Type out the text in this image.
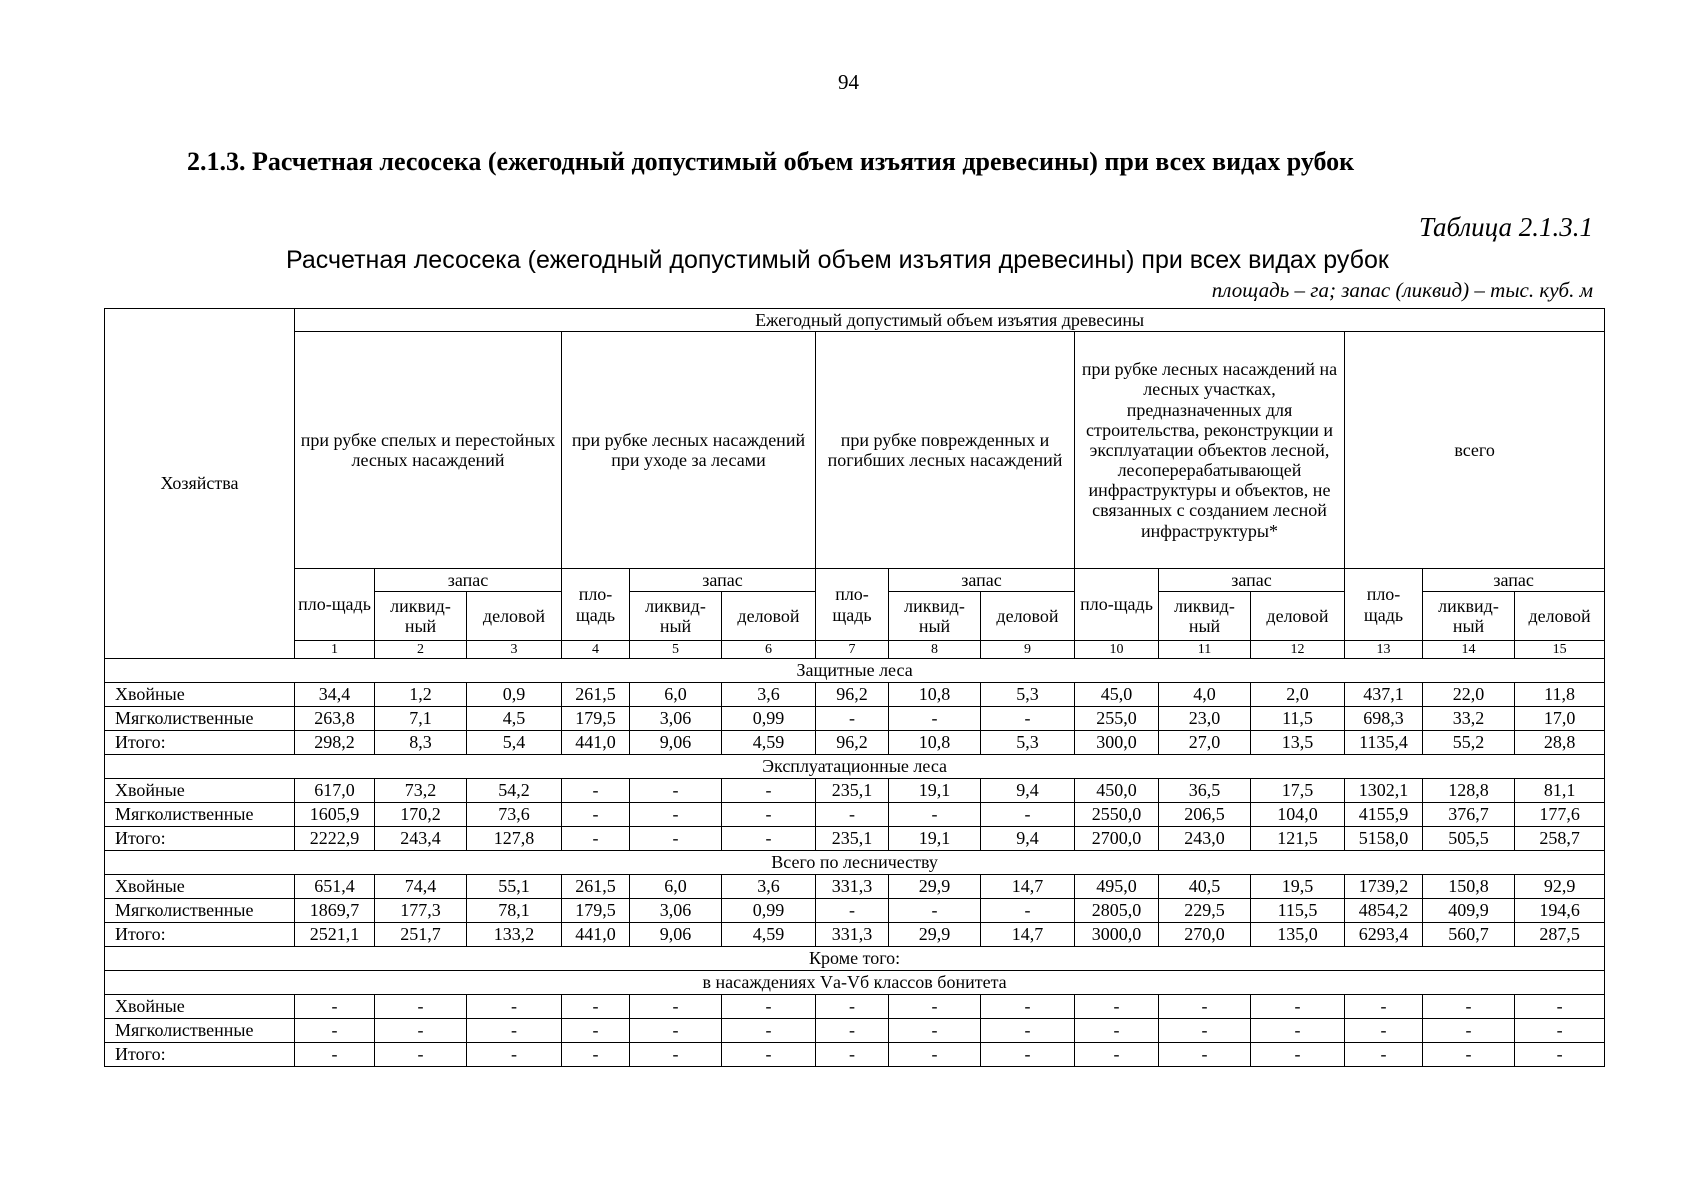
94
2.1.3. Расчетная лесосека (ежегодный допустимый объем изъятия древесины) при всех видах рубок
Таблица 2.1.3.1
Расчетная лесосека (ежегодный допустимый объем изъятия древесины) при всех видах рубок
площадь – га; запас (ликвид) – тыс. куб. м
Хозяйства	Ежегодный допустимый объем изъятия древесины															
	при рубке спелых и перестойных лесных насаждений			при рубке лесных насаждений при уходе за лесами			при рубке поврежденных и погибших лесных насаждений			при рубке лесных насаждений на лесных участках, предназначенных для строительства, реконструкции и эксплуатации объектов лесной, лесоперерабатывающей инфраструктуры и объектов, не связанных с созданием лесной инфраструктуры*			всего			
	пло-щадь	запас		пло-щадь	запас		пло-щадь	запас		пло-щадь	запас		пло-щадь	запас		
		ликвид-ный	деловой		ликвид-ный	деловой		ликвид-ный	деловой		ликвид-ный	деловой		ликвид-ный	деловой	
	1	2	3	4	5	6	7	8	9	10	11	12	13	14	15	
Защитные леса																
Хвойные	34,4	1,2	0,9	261,5	6,0	3,6	96,2	10,8	5,3	45,0	4,0	2,0	437,1	22,0	11,8	
Мягколиственные	263,8	7,1	4,5	179,5	3,06	0,99	-	-	-	255,0	23,0	11,5	698,3	33,2	17,0	
Итого:	298,2	8,3	5,4	441,0	9,06	4,59	96,2	10,8	5,3	300,0	27,0	13,5	1135,4	55,2	28,8	
Эксплуатационные леса																
Хвойные	617,0	73,2	54,2	-	-	-	235,1	19,1	9,4	450,0	36,5	17,5	1302,1	128,8	81,1	
Мягколиственные	1605,9	170,2	73,6	-	-	-	-	-	-	2550,0	206,5	104,0	4155,9	376,7	177,6	
Итого:	2222,9	243,4	127,8	-	-	-	235,1	19,1	9,4	2700,0	243,0	121,5	5158,0	505,5	258,7	
Всего по лесничеству																
Хвойные	651,4	74,4	55,1	261,5	6,0	3,6	331,3	29,9	14,7	495,0	40,5	19,5	1739,2	150,8	92,9	
Мягколиственные	1869,7	177,3	78,1	179,5	3,06	0,99	-	-	-	2805,0	229,5	115,5	4854,2	409,9	194,6	
Итого:	2521,1	251,7	133,2	441,0	9,06	4,59	331,3	29,9	14,7	3000,0	270,0	135,0	6293,4	560,7	287,5	
Кроме того:																
в насаждениях Vа-Vб классов бонитета																
Хвойные	-	-	-	-	-	-	-	-	-	-	-	-	-	-	-	
Мягколиственные	-	-	-	-	-	-	-	-	-	-	-	-	-	-	-	
Итого:	-	-	-	-	-	-	-	-	-	-	-	-	-	-	-	
